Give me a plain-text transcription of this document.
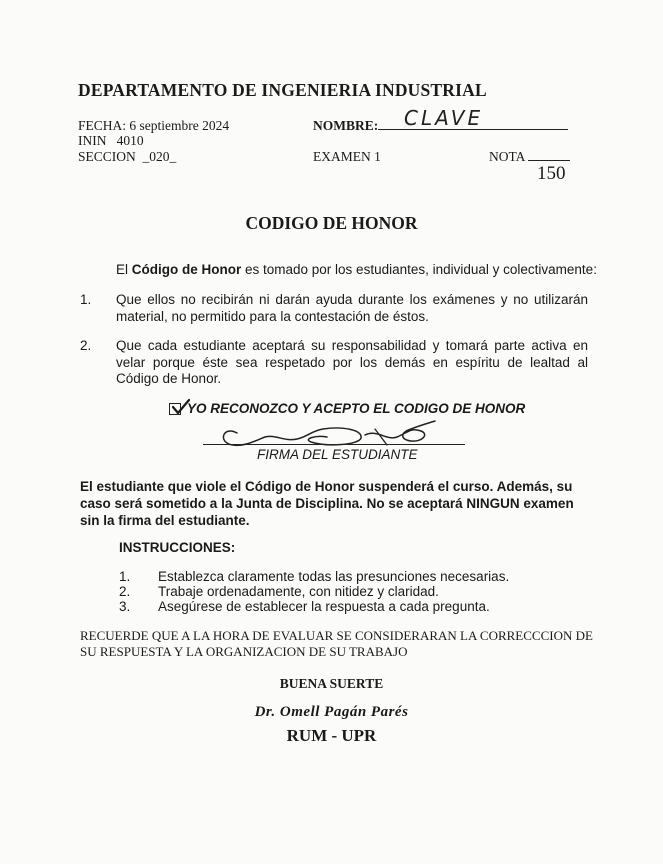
DEPARTAMENTO DE INGENIERIA INDUSTRIAL
FECHA: 6 septiembre 2024
ININ   4010
SECCION  _020_
NOMBRE: CLAVE
EXAMEN 1	NOTA
150
CODIGO DE HONOR
El Código de Honor es tomado por los estudiantes, individual y colectivamente:
1. Que ellos no recibirán ni darán ayuda durante los exámenes y no utilizarán material, no permitido para la contestación de éstos.
2. Que cada estudiante aceptará su responsabilidad y tomará parte activa en velar porque éste sea respetado por los demás en espíritu de lealtad al Código de Honor.
YO RECONOZCO Y ACEPTO EL CODIGO DE HONOR
FIRMA DEL ESTUDIANTE
El estudiante que viole el Código de Honor suspenderá el curso. Además, su caso será sometido a la Junta de Disciplina. No se aceptará NINGUN examen sin la firma del estudiante.
INSTRUCCIONES:
1. Establezca claramente todas las presunciones necesarias.
2. Trabaje ordenadamente, con nitidez y claridad.
3. Asegúrese de establecer la respuesta a cada pregunta.
RECUERDE QUE A LA HORA DE EVALUAR SE CONSIDERARAN LA CORRECCCION DE SU RESPUESTA Y LA ORGANIZACION DE SU TRABAJO
BUENA SUERTE
Dr. Omell Pagán Parés
RUM - UPR
